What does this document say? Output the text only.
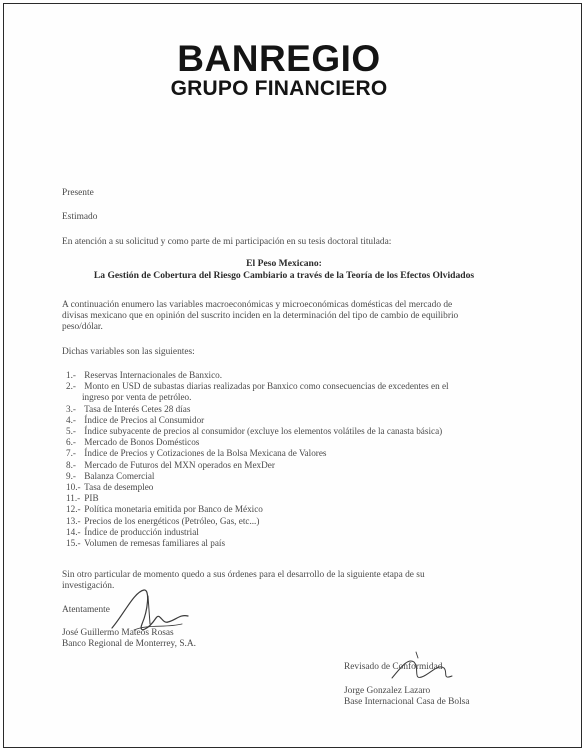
BANREGIO
GRUPO FINANCIERO
Presente
Estimado
En atención a su solicitud y como parte de mi participación en su tesis doctoral titulada:
El Peso Mexicano:
La Gestión de Cobertura del Riesgo Cambiario a través de la Teoría de los Efectos Olvidados
A continuación enumero las variables macroeconómicas y microeconómicas domésticas del mercado de
divisas mexicano que en opinión del suscrito inciden en la determinación del tipo de cambio de equilibrio
peso/dólar.
Dichas variables son las siguientes:
1.- Reservas Internacionales de Banxico.
2.- Monto en USD de subastas diarias realizadas por Banxico como consecuencias de excedentes en el
ingreso por venta de petróleo.
3.- Tasa de Interés Cetes 28 días
4.- Índice de Precios al Consumidor
5.- Índice subyacente de precios al consumidor (excluye los elementos volátiles de la canasta básica)
6.- Mercado de Bonos Domésticos
7.- Índice de Precios y Cotizaciones de la Bolsa Mexicana de Valores
8.- Mercado de Futuros del MXN operados en MexDer
9.- Balanza Comercial
10.- Tasa de desempleo
11.- PIB
12.- Política monetaria emitida por Banco de México
13.- Precios de los energéticos (Petróleo, Gas, etc...)
14.- Índice de producción industrial
15.- Volumen de remesas familiares al país
Sin otro particular de momento quedo a sus órdenes para el desarrollo de la siguiente etapa de su
investigación.
Atentamente
José Guillermo Mateos Rosas
Banco Regional de Monterrey, S.A.
Revisado de Conformidad
Jorge Gonzalez Lazaro
Base Internacional Casa de Bolsa
